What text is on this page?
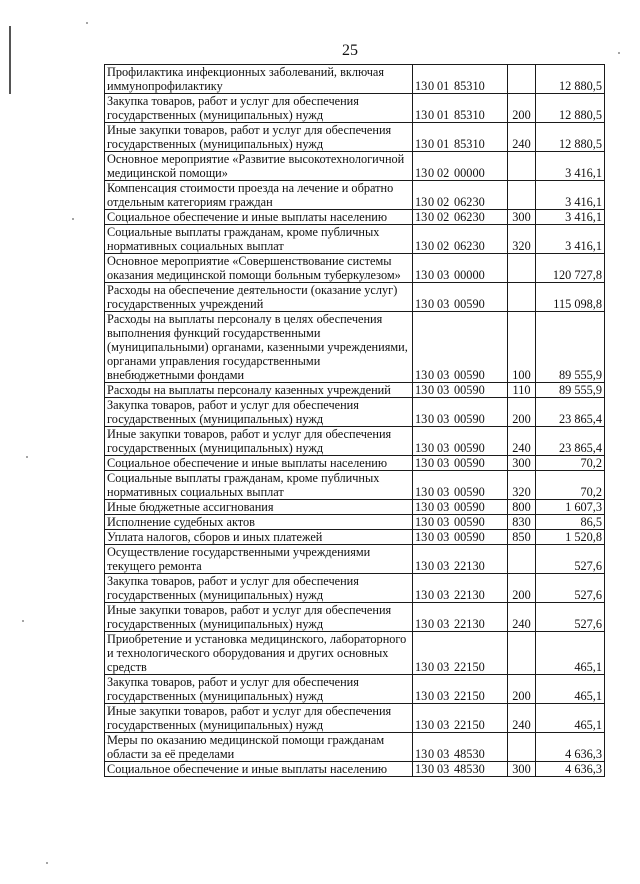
25
Профилактика инфекционных заболеваний, включая иммунопрофилактику	130 01 85310		12 880,5
Закупка товаров, работ и услуг для обеспечения государственных (муниципальных) нужд	130 01 85310	200	12 880,5
Иные закупки товаров, работ и услуг для обеспечения государственных (муниципальных) нужд	130 01 85310	240	12 880,5
Основное мероприятие «Развитие высокотехнологичной медицинской помощи»	130 02 00000		3 416,1
Компенсация стоимости проезда на лечение и обратно отдельным категориям граждан	130 02 06230		3 416,1
Социальное обеспечение и иные выплаты населению	130 02 06230	300	3 416,1
Социальные выплаты гражданам, кроме публичных нормативных социальных выплат	130 02 06230	320	3 416,1
Основное мероприятие «Совершенствование системы оказания медицинской помощи больным туберкулезом»	130 03 00000		120 727,8
Расходы на обеспечение деятельности (оказание услуг) государственных учреждений	130 03 00590		115 098,8
Расходы на выплаты персоналу в целях обеспечения выполнения функций государственными (муниципальными) органами, казенными учреждениями, органами управления государственными внебюджетными фондами	130 03 00590	100	89 555,9
Расходы на выплаты персоналу казенных учреждений	130 03 00590	110	89 555,9
Закупка товаров, работ и услуг для обеспечения государственных (муниципальных) нужд	130 03 00590	200	23 865,4
Иные закупки товаров, работ и услуг для обеспечения государственных (муниципальных) нужд	130 03 00590	240	23 865,4
Социальное обеспечение и иные выплаты населению	130 03 00590	300	70,2
Социальные выплаты гражданам, кроме публичных нормативных социальных выплат	130 03 00590	320	70,2
Иные бюджетные ассигнования	130 03 00590	800	1 607,3
Исполнение судебных актов	130 03 00590	830	86,5
Уплата налогов, сборов и иных платежей	130 03 00590	850	1 520,8
Осуществление государственными учреждениями текущего ремонта	130 03 22130		527,6
Закупка товаров, работ и услуг для обеспечения государственных (муниципальных) нужд	130 03 22130	200	527,6
Иные закупки товаров, работ и услуг для обеспечения государственных (муниципальных) нужд	130 03 22130	240	527,6
Приобретение и установка медицинского, лабораторного и технологического оборудования и других основных средств	130 03 22150		465,1
Закупка товаров, работ и услуг для обеспечения государственных (муниципальных) нужд	130 03 22150	200	465,1
Иные закупки товаров, работ и услуг для обеспечения государственных (муниципальных) нужд	130 03 22150	240	465,1
Меры по оказанию медицинской помощи гражданам области за её пределами	130 03 48530		4 636,3
Социальное обеспечение и иные выплаты населению	130 03 48530	300	4 636,3
